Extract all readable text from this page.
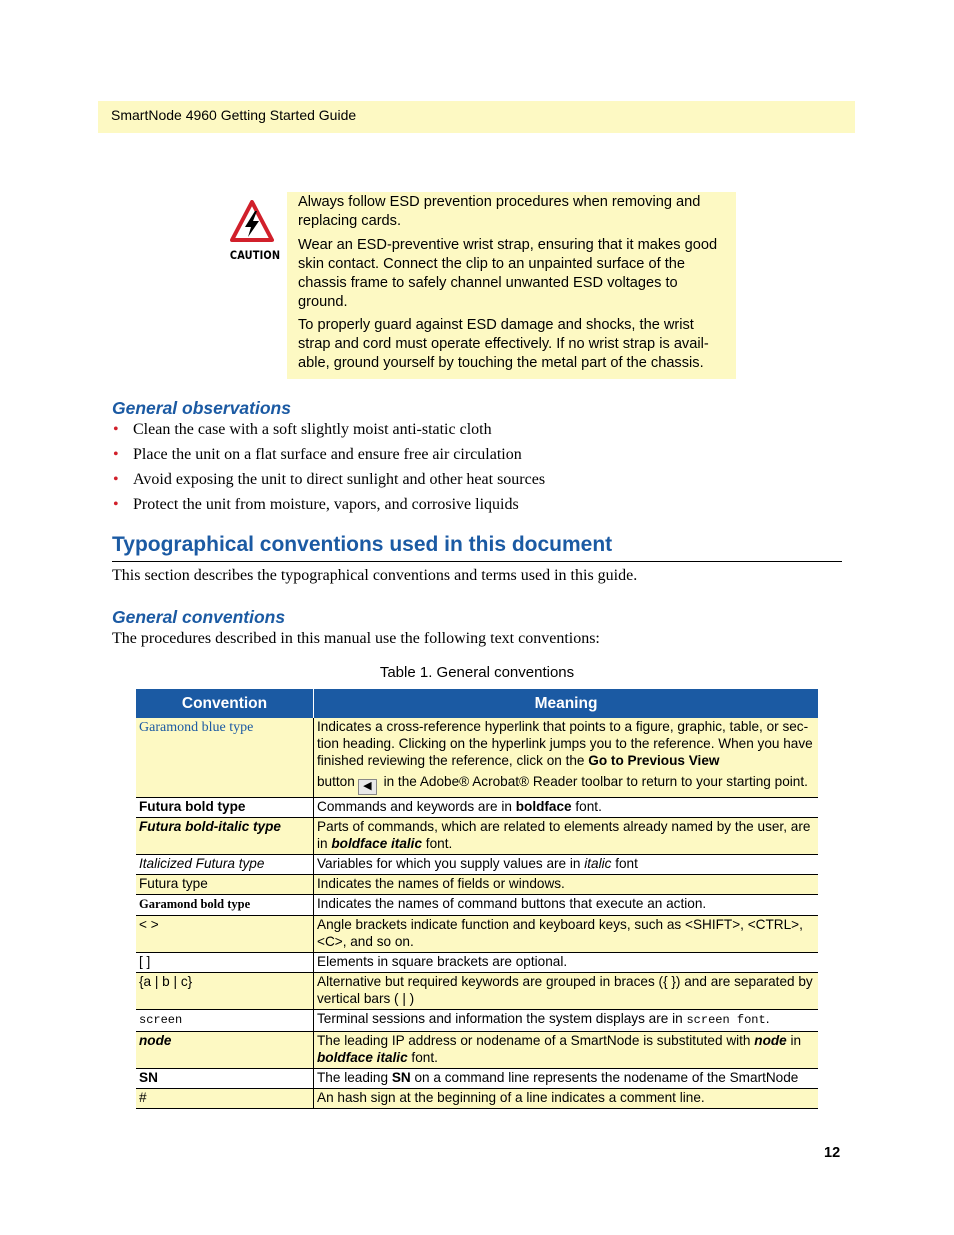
SmartNode 4960 Getting Started Guide
CAUTION

Always follow ESD prevention procedures when removing and replacing cards.

Wear an ESD-preventive wrist strap, ensuring that it makes good skin contact. Connect the clip to an unpainted surface of the chassis frame to safely channel unwanted ESD voltages to ground.

To properly guard against ESD damage and shocks, the wrist strap and cord must operate effectively. If no wrist strap is avail-able, ground yourself by touching the metal part of the chassis.

General observations
• Clean the case with a soft slightly moist anti-static cloth
• Place the unit on a flat surface and ensure free air circulation
• Avoid exposing the unit to direct sunlight and other heat sources
• Protect the unit from moisture, vapors, and corrosive liquids
Typographical conventions used in this document

This section describes the typographical conventions and terms used in this guide.

General conventions

The procedures described in this manual use the following text conventions:

Table 1. General conventions
Convention	Meaning
Garamond blue type	Indicates a cross-reference hyperlink that points to a figure, graphic, table, or sec-tion heading. Clicking on the hyperlink jumps you to the reference. When you have finished reviewing the reference, click on the Go to Previous View
button ◀ in the Adobe® Acrobat® Reader toolbar to return to your starting point.
Futura bold type	Commands and keywords are in boldface font.
Futura bold-italic type	Parts of commands, which are related to elements already named by the user, are in boldface italic font.
Italicized Futura type	Variables for which you supply values are in italic font
Futura type	Indicates the names of fields or windows.
Garamond bold type	Indicates the names of command buttons that execute an action.
< >	Angle brackets indicate function and keyboard keys, such as <SHIFT>, <CTRL>, <C>, and so on.
[ ]	Elements in square brackets are optional.
{a | b | c}	Alternative but required keywords are grouped in braces ({ }) and are separated by vertical bars ( | )
screen	Terminal sessions and information the system displays are in screen font.
node	The leading IP address or nodename of a SmartNode is substituted with node in boldface italic font.
SN	The leading SN on a command line represents the nodename of the SmartNode
#	An hash sign at the beginning of a line indicates a comment line.
12
